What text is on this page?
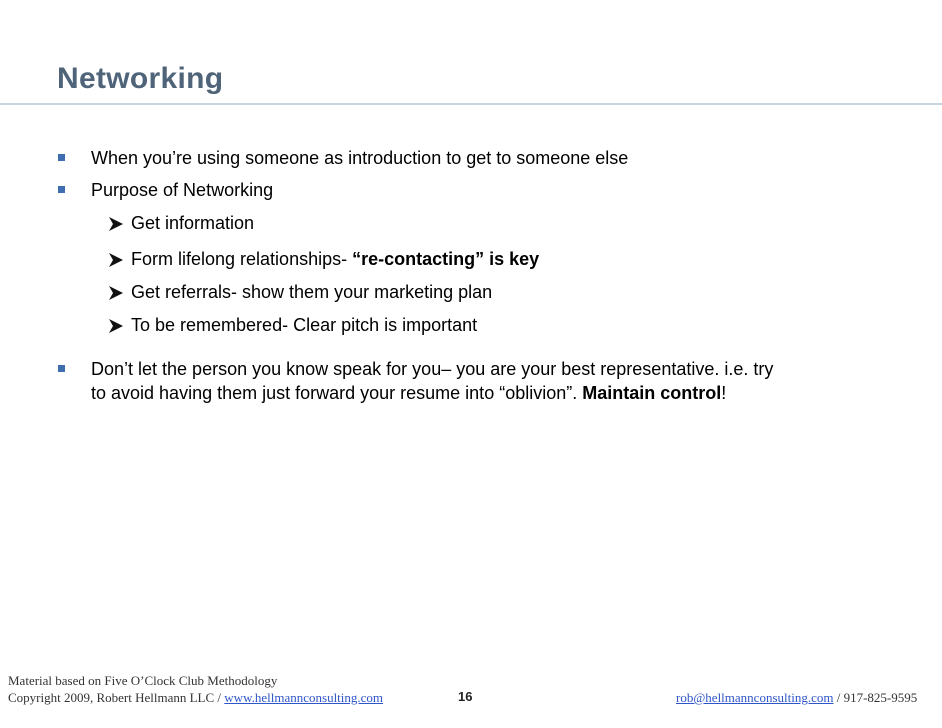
Networking
When you’re using someone as introduction to get to someone else
Purpose of Networking
Get information
Form lifelong relationships- “re-contacting” is key
Get referrals- show them your marketing plan
To be remembered- Clear pitch is important
Don’t let the person you know speak for you– you are your best representative. i.e. try
to avoid having them just forward your resume into “oblivion”. Maintain control!
Material based on Five O’Clock Club Methodology
Copyright 2009, Robert Hellmann LLC / www.hellmannconsulting.com	16	rob@hellmannconsulting.com / 917-825-9595
